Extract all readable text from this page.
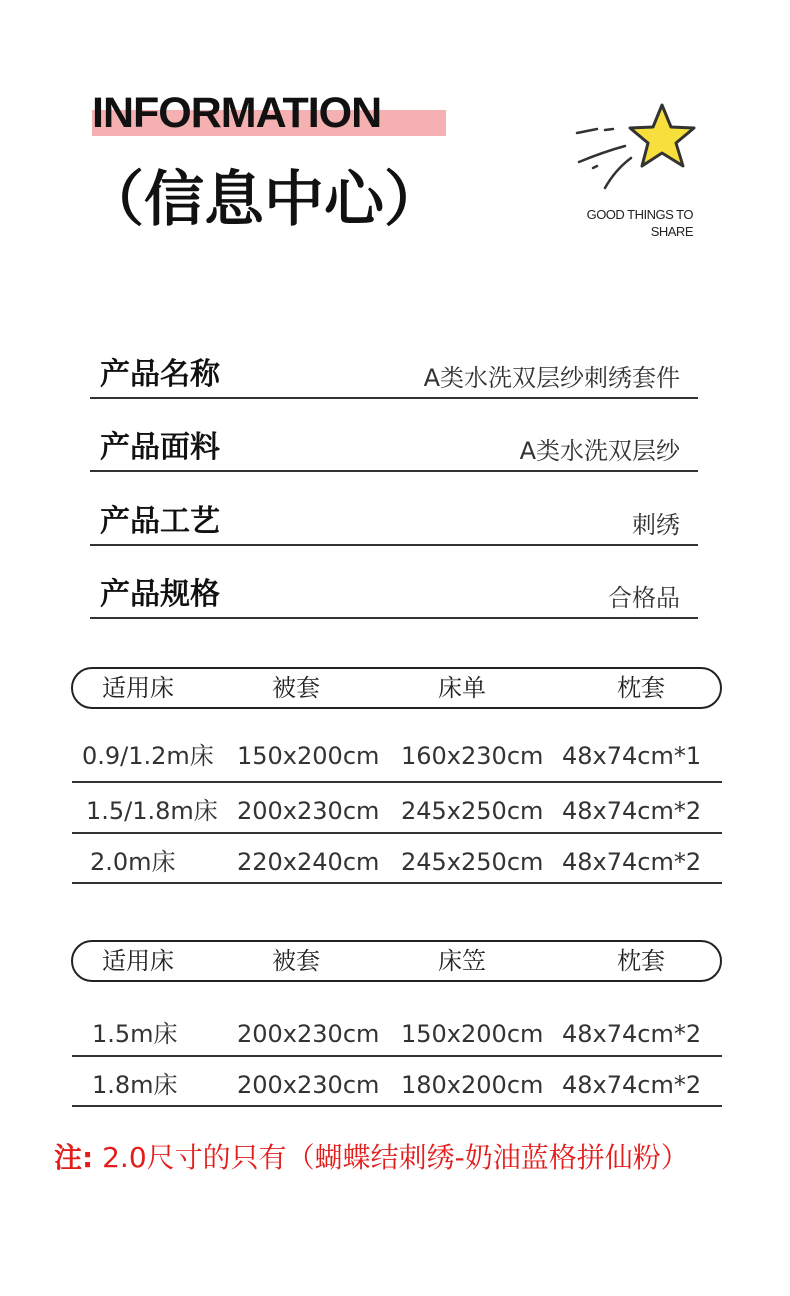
INFORMATION
（信息中心）	GOOD THINGS TO
SHARE
产品名称	A类水洗双层纱刺绣套件
产品面料	A类水洗双层纱
产品工艺	刺绣
产品规格	合格品
适用床	被套	床单	枕套
0.9/1.2m床 150x200cm 160x230cm 48x74cm*1
1.5/1.8m床 200x230cm 245x250cm 48x74cm*2
2.0m床	220x240cm 245x250cm 48x74cm*2
适用床	被套	床笠	枕套
1.5m床 200x230cm 150x200cm 48x74cm*2
1.8m床 200x230cm 180x200cm 48x74cm*2
注: 2.0尺寸的只有（蝴蝶结刺绣-奶油蓝格拼仙粉）
